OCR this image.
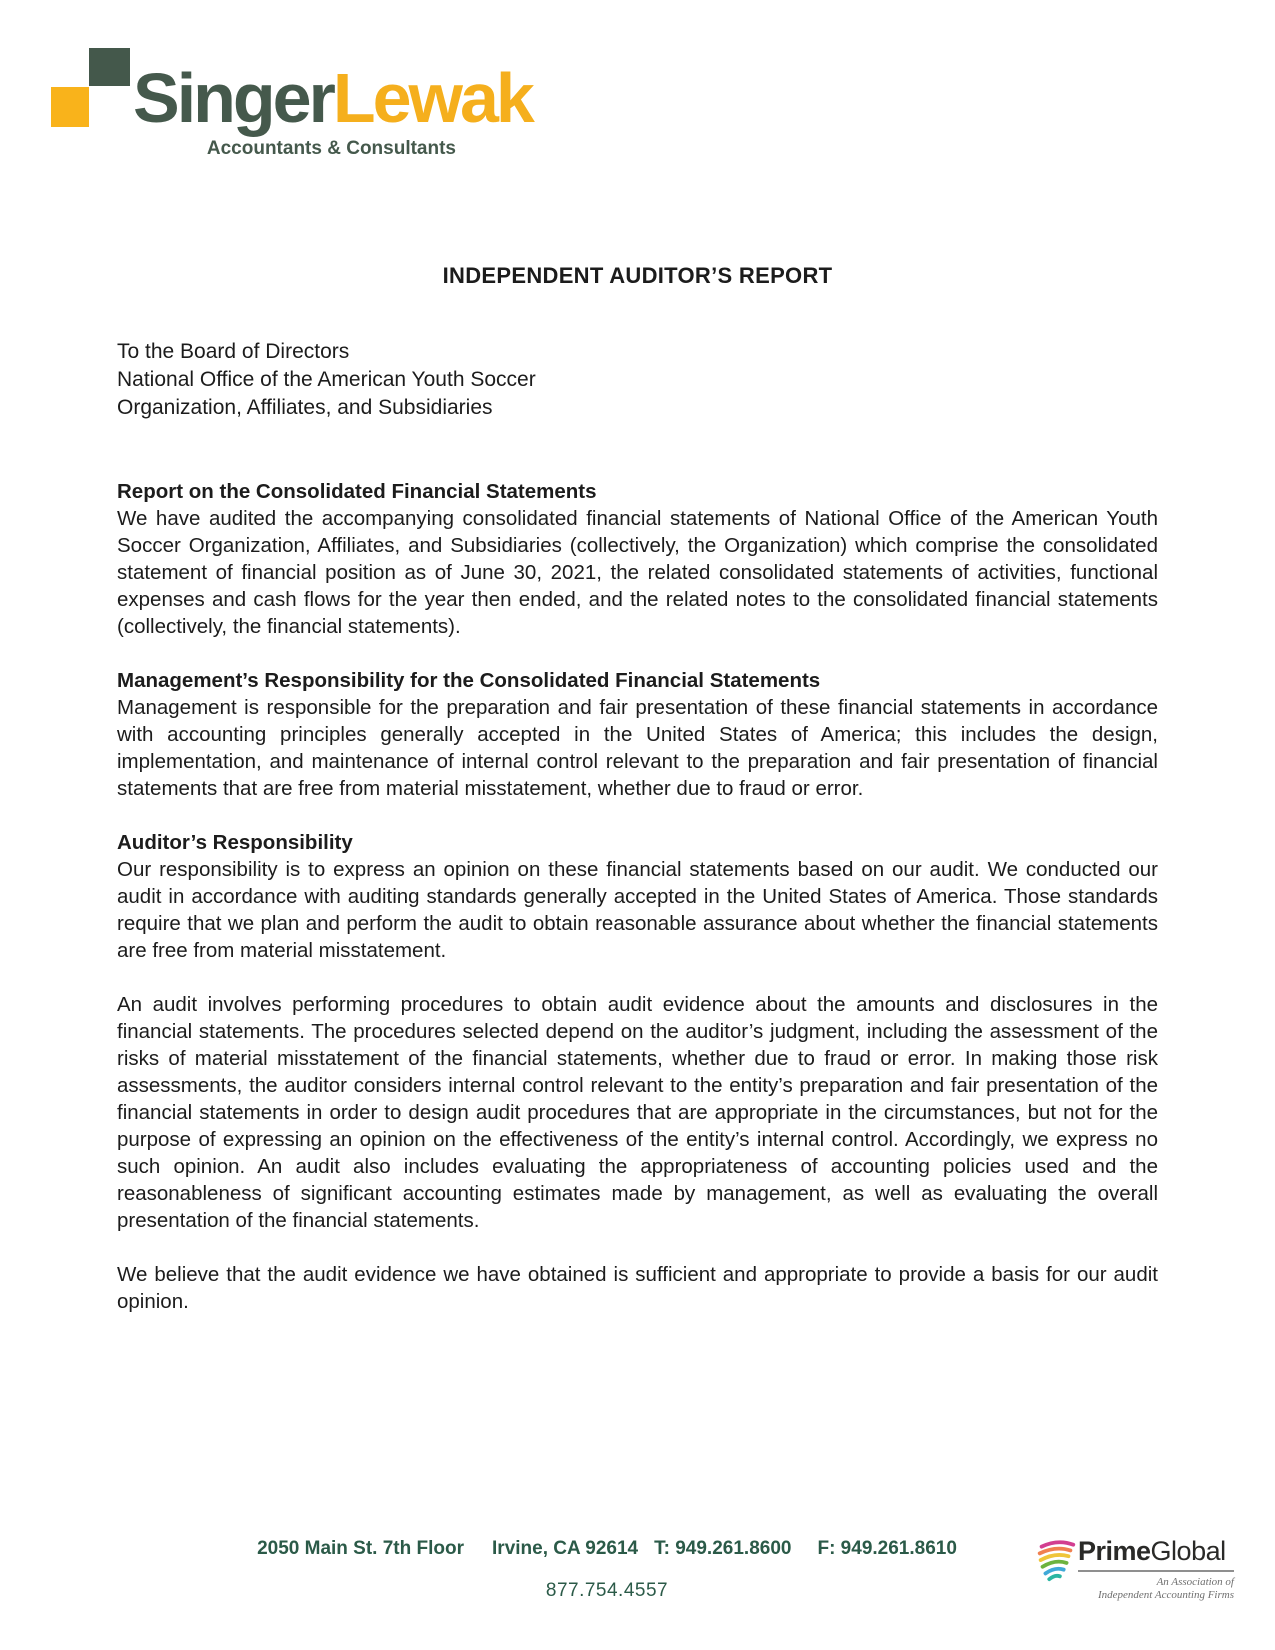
SingerLewak
Accountants & Consultants
INDEPENDENT AUDITOR’S REPORT
To the Board of Directors
National Office of the American Youth Soccer
Organization, Affiliates, and Subsidiaries
Report on the Consolidated Financial Statements

We have audited the accompanying consolidated financial statements of National Office of the American Youth Soccer Organization, Affiliates, and Subsidiaries (collectively, the Organization) which comprise the consolidated statement of financial position as of June 30, 2021, the related consolidated statements of activities, functional expenses and cash flows for the year then ended, and the related notes to the consolidated financial statements (collectively, the financial statements).

Management’s Responsibility for the Consolidated Financial Statements

Management is responsible for the preparation and fair presentation of these financial statements in accordance with accounting principles generally accepted in the United States of America; this includes the design, implementation, and maintenance of internal control relevant to the preparation and fair presentation of financial statements that are free from material misstatement, whether due to fraud or error.

Auditor’s Responsibility

Our responsibility is to express an opinion on these financial statements based on our audit. We conducted our audit in accordance with auditing standards generally accepted in the United States of America. Those standards require that we plan and perform the audit to obtain reasonable assurance about whether the financial statements are free from material misstatement.

An audit involves performing procedures to obtain audit evidence about the amounts and disclosures in the financial statements. The procedures selected depend on the auditor’s judgment, including the assessment of the risks of material misstatement of the financial statements, whether due to fraud or error. In making those risk assessments, the auditor considers internal control relevant to the entity’s preparation and fair presentation of the financial statements in order to design audit procedures that are appropriate in the circumstances, but not for the purpose of expressing an opinion on the effectiveness of the entity’s internal control. Accordingly, we express no such opinion. An audit also includes evaluating the appropriateness of accounting policies used and the reasonableness of significant accounting estimates made by management, as well as evaluating the overall presentation of the financial statements.

We believe that the audit evidence we have obtained is sufficient and appropriate to provide a basis for our audit opinion.

2050 Main St. 7th Floor Irvine, CA 92614 T: 949.261.8600 F: 949.261.8610
877.754.4557
PrimeGlobal
An Association of
Independent Accounting Firms
